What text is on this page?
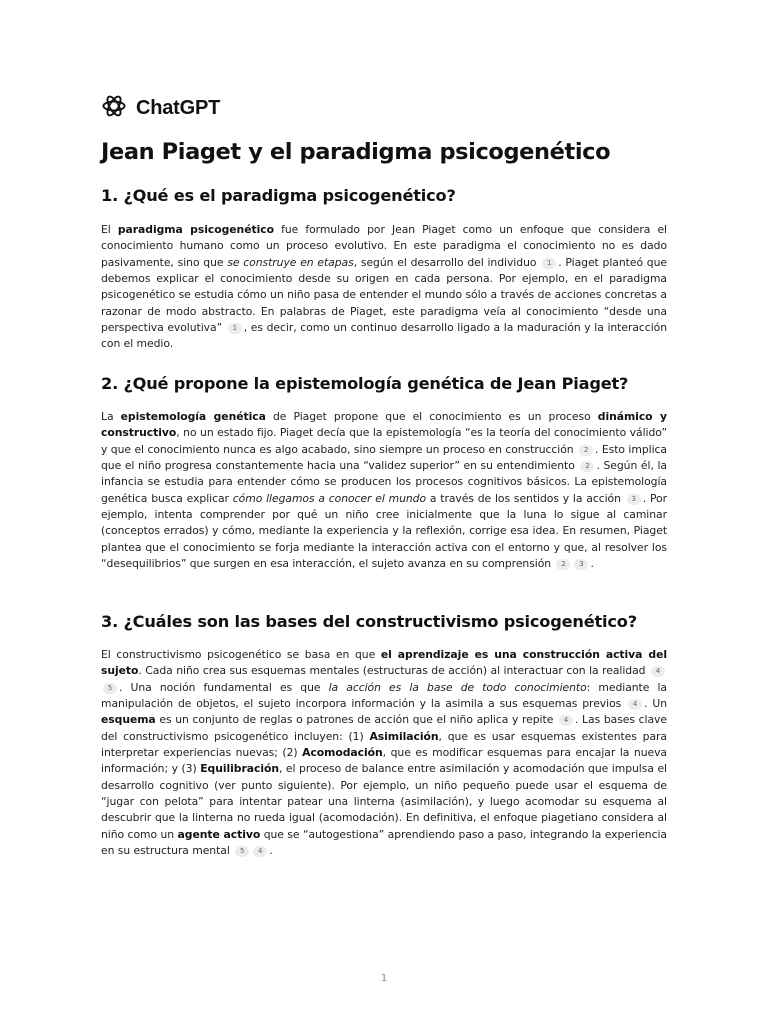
ChatGPT
Jean Piaget y el paradigma psicogenético
1. ¿Qué es el paradigma psicogenético?

El paradigma psicogenético fue formulado por Jean Piaget como un enfoque que considera el conocimiento humano como un proceso evolutivo. En este paradigma el conocimiento no es dado pasivamente, sino que se construye en etapas, según el desarrollo del individuo 1 . Piaget planteó que debemos explicar el conocimiento desde su origen en cada persona. Por ejemplo, en el paradigma psicogenético se estudia cómo un niño pasa de entender el mundo sólo a través de acciones concretas a razonar de modo abstracto. En palabras de Piaget, este paradigma veía al conocimiento “desde una perspectiva evolutiva” 1 , es decir, como un continuo desarrollo ligado a la maduración y la interacción con el medio.

2. ¿Qué propone la epistemología genética de Jean Piaget?

La epistemología genética de Piaget propone que el conocimiento es un proceso dinámico y constructivo, no un estado fijo. Piaget decía que la epistemología “es la teoría del conocimiento válido” y que el conocimiento nunca es algo acabado, sino siempre un proceso en construcción 2 . Esto implica que el niño progresa constantemente hacia una “validez superior” en su entendimiento 2 . Según él, la infancia se estudia para entender cómo se producen los procesos cognitivos básicos. La epistemología genética busca explicar cómo llegamos a conocer el mundo a través de los sentidos y la acción 3 . Por ejemplo, intenta comprender por qué un niño cree inicialmente que la luna lo sigue al caminar (conceptos errados) y cómo, mediante la experiencia y la reflexión, corrige esa idea. En resumen, Piaget plantea que el conocimiento se forja mediante la interacción activa con el entorno y que, al resolver los “desequilibrios” que surgen en esa interacción, el sujeto avanza en su comprensión 2 3 .

3. ¿Cuáles son las bases del constructivismo psicogenético?

El constructivismo psicogenético se basa en que el aprendizaje es una construcción activa del sujeto. Cada niño crea sus esquemas mentales (estructuras de acción) al interactuar con la realidad 45 . Una noción fundamental es que la acción es la base de todo conocimiento: mediante la manipulación de objetos, el sujeto incorpora información y la asimila a sus esquemas previos 4 . Un esquema es un conjunto de reglas o patrones de acción que el niño aplica y repite 4 . Las bases clave del constructivismo psicogenético incluyen: (1) Asimilación, que es usar esquemas existentes para interpretar experiencias nuevas; (2) Acomodación, que es modificar esquemas para encajar la nueva información; y (3) Equilibración, el proceso de balance entre asimilación y acomodación que impulsa el desarrollo cognitivo (ver punto siguiente). Por ejemplo, un niño pequeño puede usar el esquema de “jugar con pelota” para intentar patear una linterna (asimilación), y luego acomodar su esquema al descubrir que la linterna no rueda igual (acomodación). En definitiva, el enfoque piagetiano considera al niño como un agente activo que se “autogestiona” aprendiendo paso a paso, integrando la experiencia en su estructura mental 5 4 .

1
